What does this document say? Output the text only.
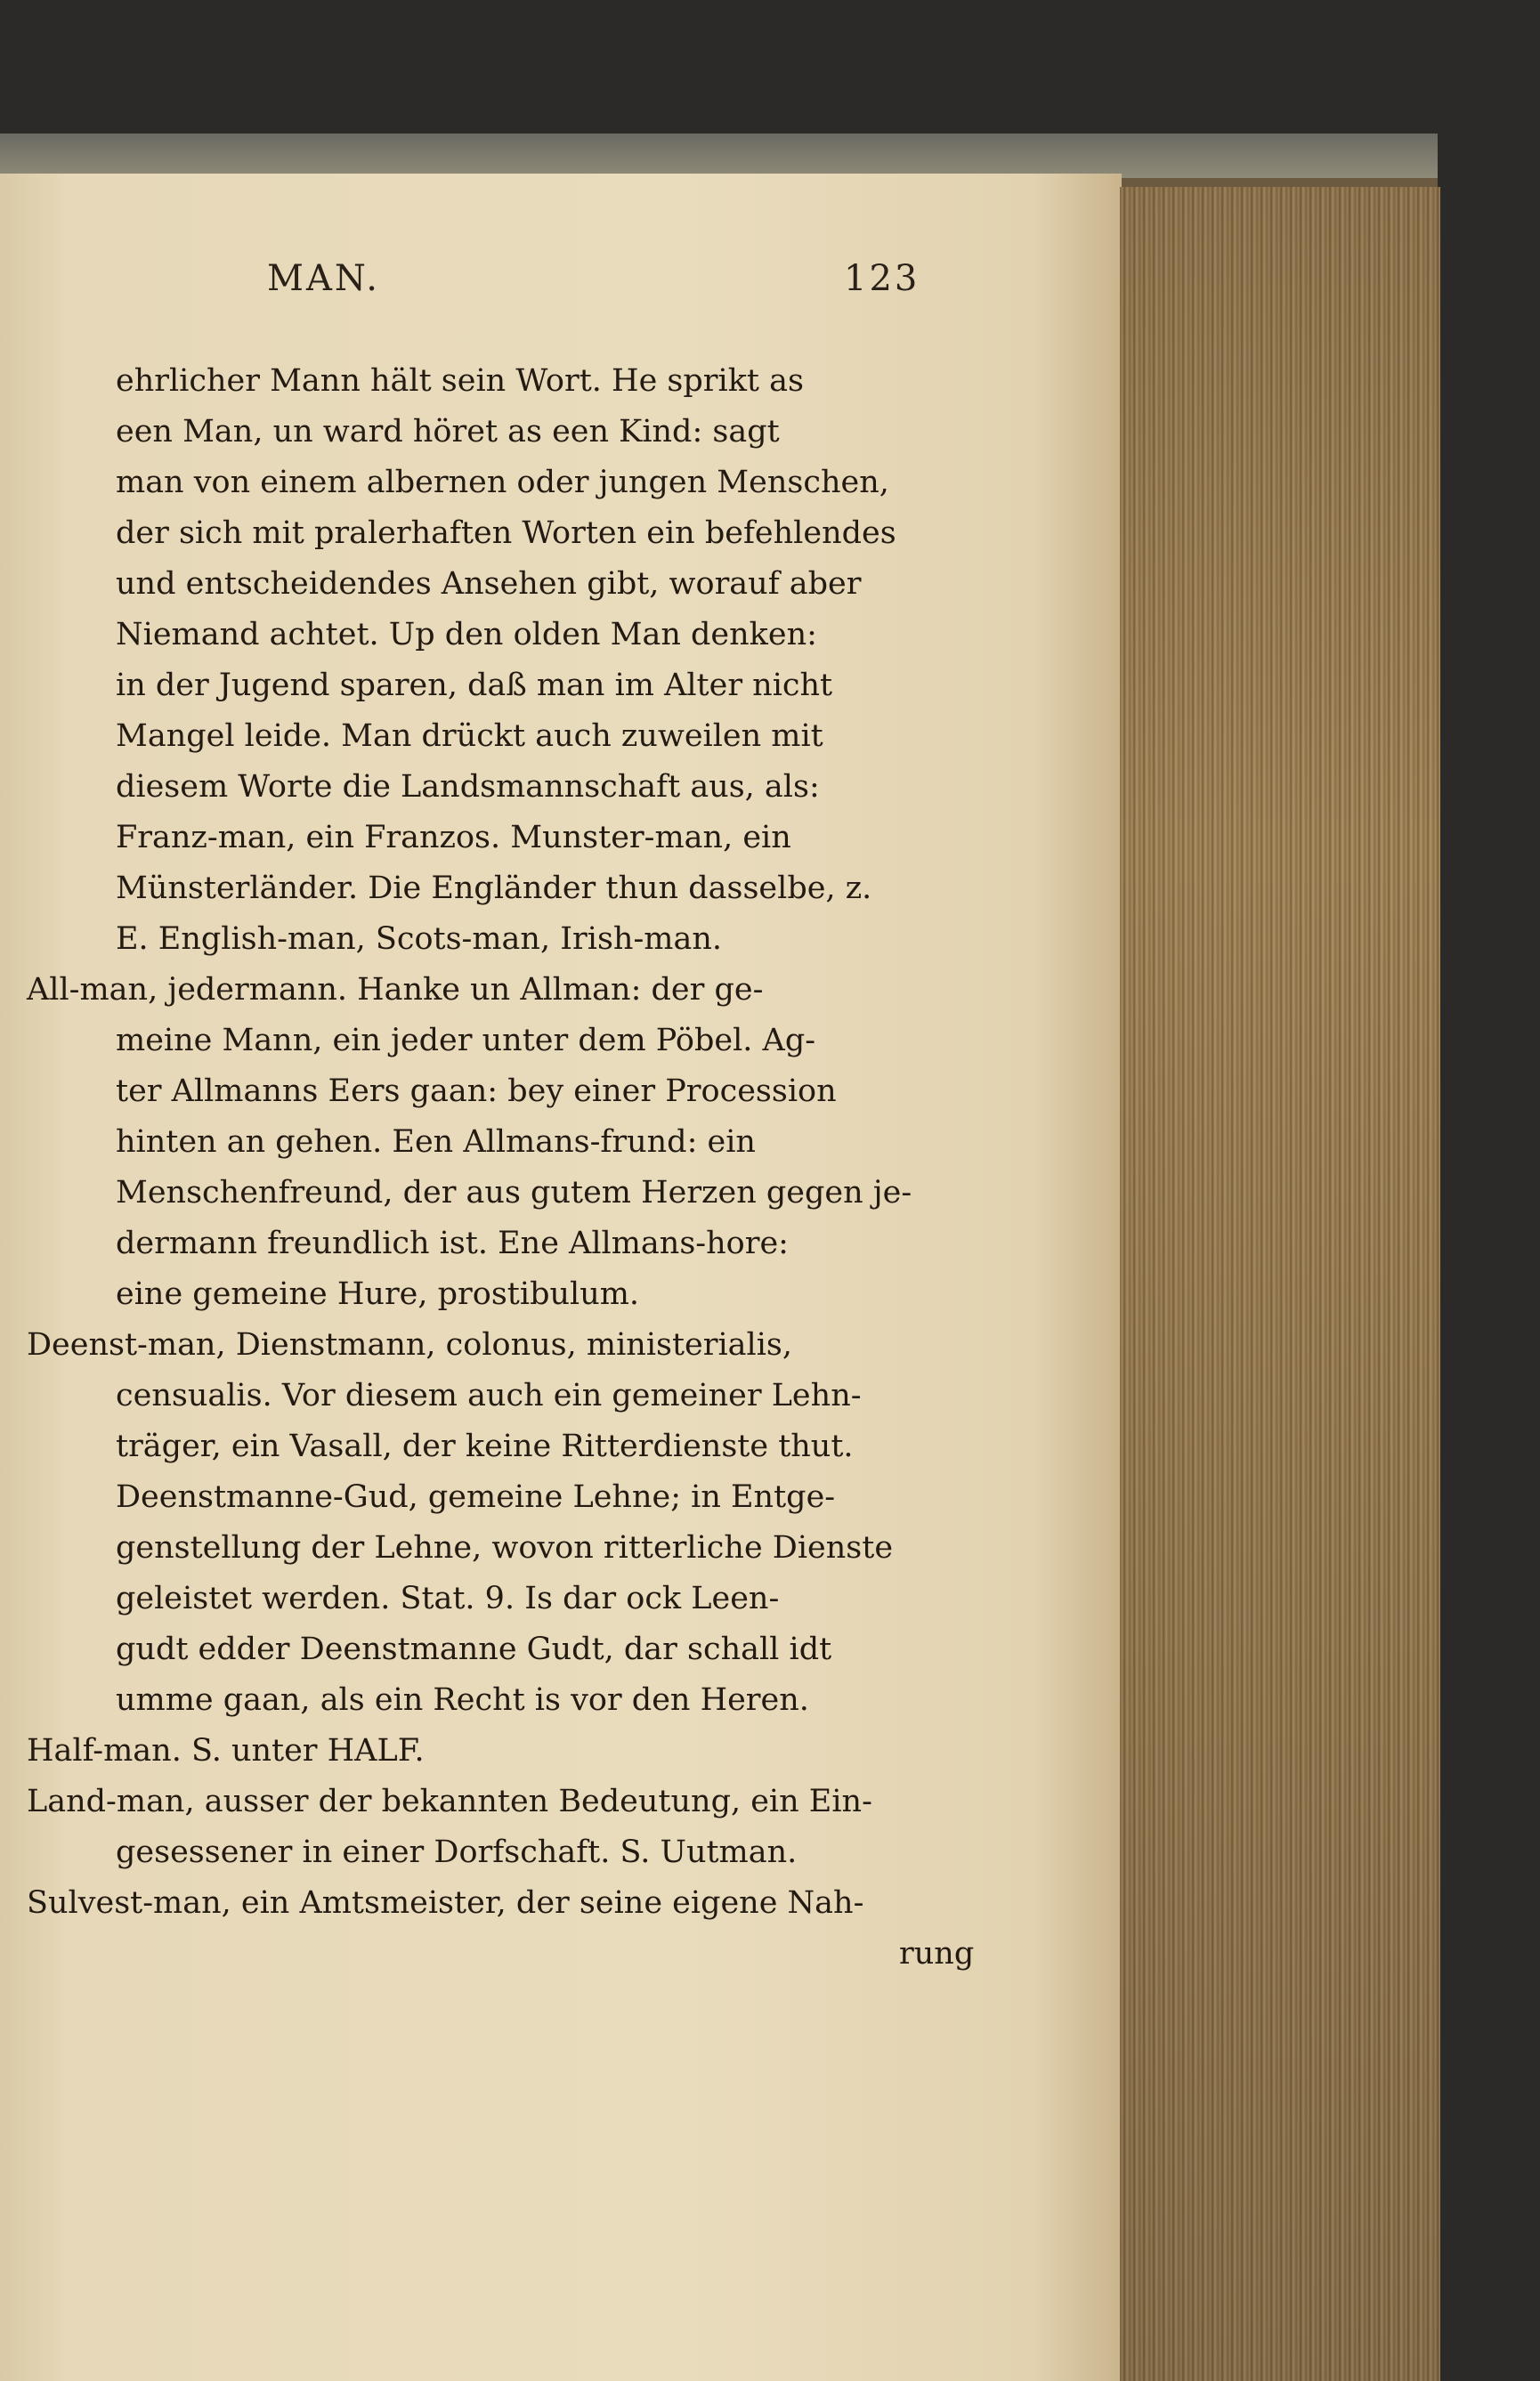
MAN.	123
ehrlicher Mann hält sein Wort. He sprikt as
een Man, un ward höret as een Kind: sagt
man von einem albernen oder jungen Menschen,
der sich mit pralerhaften Worten ein befehlendes
und entscheidendes Ansehen gibt, worauf aber
Niemand achtet. Up den olden Man denken:
in der Jugend sparen, daß man im Alter nicht
Mangel leide. Man drückt auch zuweilen mit
diesem Worte die Landsmannschaft aus, als:
Franz-man, ein Franzos. Munster-man, ein
Münsterländer. Die Engländer thun dasselbe, z.
E. English-man, Scots-man, Irish-man.
All-man, jedermann. Hanke un Allman: der ge-
meine Mann, ein jeder unter dem Pöbel. Ag-
ter Allmanns Eers gaan: bey einer Procession
hinten an gehen. Een Allmans-frund: ein
Menschenfreund, der aus gutem Herzen gegen je-
dermann freundlich ist. Ene Allmans-hore:
eine gemeine Hure, prostibulum.
Deenst-man, Dienstmann, colonus, ministerialis,
censualis. Vor diesem auch ein gemeiner Lehn-
träger, ein Vasall, der keine Ritterdienste thut.
Deenstmanne-Gud, gemeine Lehne; in Entge-
genstellung der Lehne, wovon ritterliche Dienste
geleistet werden. Stat. 9. Is dar ock Leen-
gudt edder Deenstmanne Gudt, dar schall idt
umme gaan, als ein Recht is vor den Heren.
Half-man. S. unter HALF.
Land-man, ausser der bekannten Bedeutung, ein Ein-
gesessener in einer Dorfschaft. S. Uutman.
Sulvest-man, ein Amtsmeister, der seine eigene Nah-
rung
